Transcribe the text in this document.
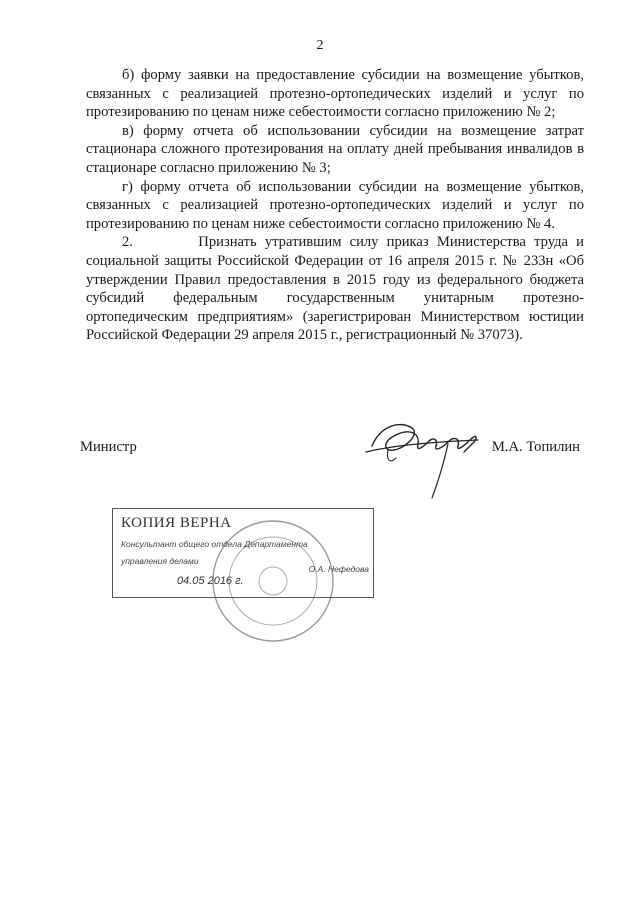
2

б) форму заявки на предоставление субсидии на возмещение убытков, связанных с реализацией протезно-ортопедических изделий и услуг по протезированию по ценам ниже себестоимости согласно приложению № 2;

в) форму отчета об использовании субсидии на возмещение затрат стационара сложного протезирования на оплату дней пребывания инвалидов в стационаре согласно приложению № 3;

г) форму отчета об использовании субсидии на возмещение убытков, связанных с реализацией протезно-ортопедических изделий и услуг по протезированию по ценам ниже себестоимости согласно приложению № 4.

2.        Признать утратившим силу приказ Министерства труда и социальной защиты Российской Федерации от 16 апреля 2015 г. № 233н «Об утверждении Правил предоставления в 2015 году из федерального бюджета субсидий федеральным государственным унитарным протезно-ортопедическим предприятиям» (зарегистрирован Министерством юстиции Российской Федерации 29 апреля 2015 г., регистрационный № 37073).

Министр	М.А. Топилин
КОПИЯ ВЕРНА
Консультант общего отдела Департамента
управления делами
О.А. Нефедова
04.05 2016 г.
